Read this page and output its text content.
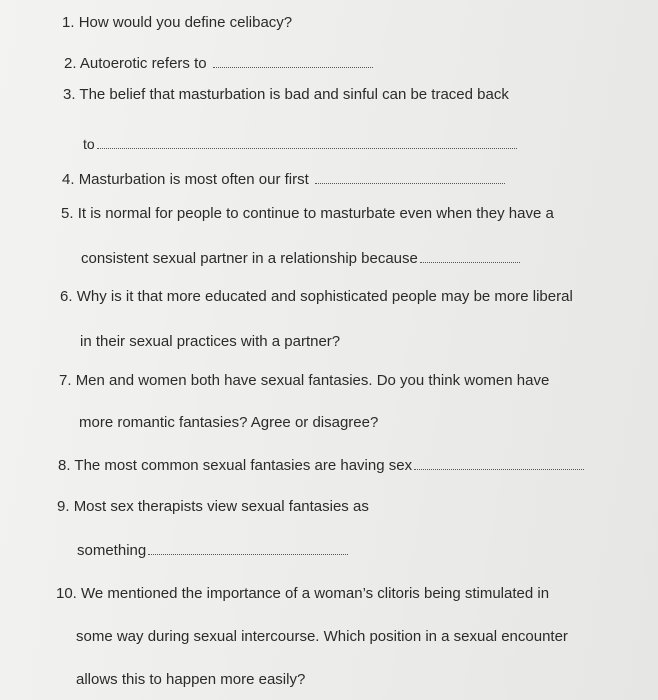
1. How would you define celibacy?
2. Autoerotic refers to
3. The belief that masturbation is bad and sinful can be traced back
to
4. Masturbation is most often our first
5. It is normal for people to continue to masturbate even when they have a
consistent sexual partner in a relationship because
6. Why is it that more educated and sophisticated people may be more liberal
in their sexual practices with a partner?
7. Men and women both have sexual fantasies. Do you think women have
more romantic fantasies? Agree or disagree?
8. The most common sexual fantasies are having sex
9. Most sex therapists view sexual fantasies as
something
10. We mentioned the importance of a woman’s clitoris being stimulated in
some way during sexual intercourse. Which position in a sexual encounter
allows this to happen more easily?
